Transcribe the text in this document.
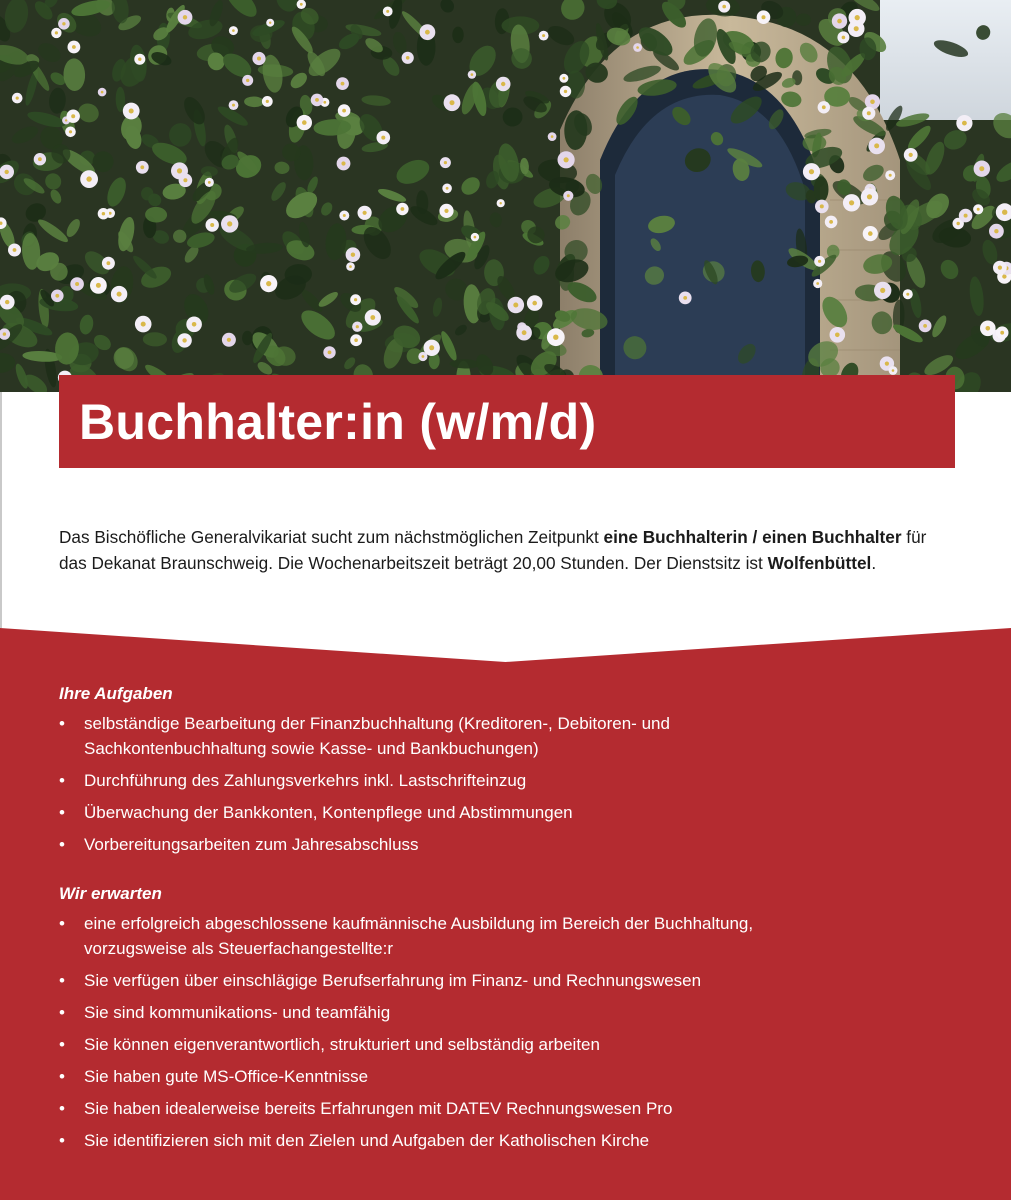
Buchhalter:in (w/m/d)

Das Bischöfliche Generalvikariat sucht zum nächstmöglichen Zeitpunkt eine Buchhalterin / einen Buchhalter für das Dekanat Braunschweig. Die Wochenarbeitszeit beträgt 20,00 Stunden. Der Dienstsitz ist Wolfenbüttel.

Ihre Aufgaben
• selbständige Bearbeitung der Finanzbuchhaltung (Kreditoren-, Debitoren- und
Sachkontenbuchhaltung sowie Kasse- und Bankbuchungen)
• Durchführung des Zahlungsverkehrs inkl. Lastschrifteinzug
• Überwachung der Bankkonten, Kontenpflege und Abstimmungen
• Vorbereitungsarbeiten zum Jahresabschluss
Wir erwarten
• eine erfolgreich abgeschlossene kaufmännische Ausbildung im Bereich der Buchhaltung,
vorzugsweise als Steuerfachangestellte:r
• Sie verfügen über einschlägige Berufserfahrung im Finanz- und Rechnungswesen
• Sie sind kommunikations- und teamfähig
• Sie können eigenverantwortlich, strukturiert und selbständig arbeiten
• Sie haben gute MS-Office-Kenntnisse
• Sie haben idealerweise bereits Erfahrungen mit DATEV Rechnungswesen Pro
• Sie identifizieren sich mit den Zielen und Aufgaben der Katholischen Kirche
